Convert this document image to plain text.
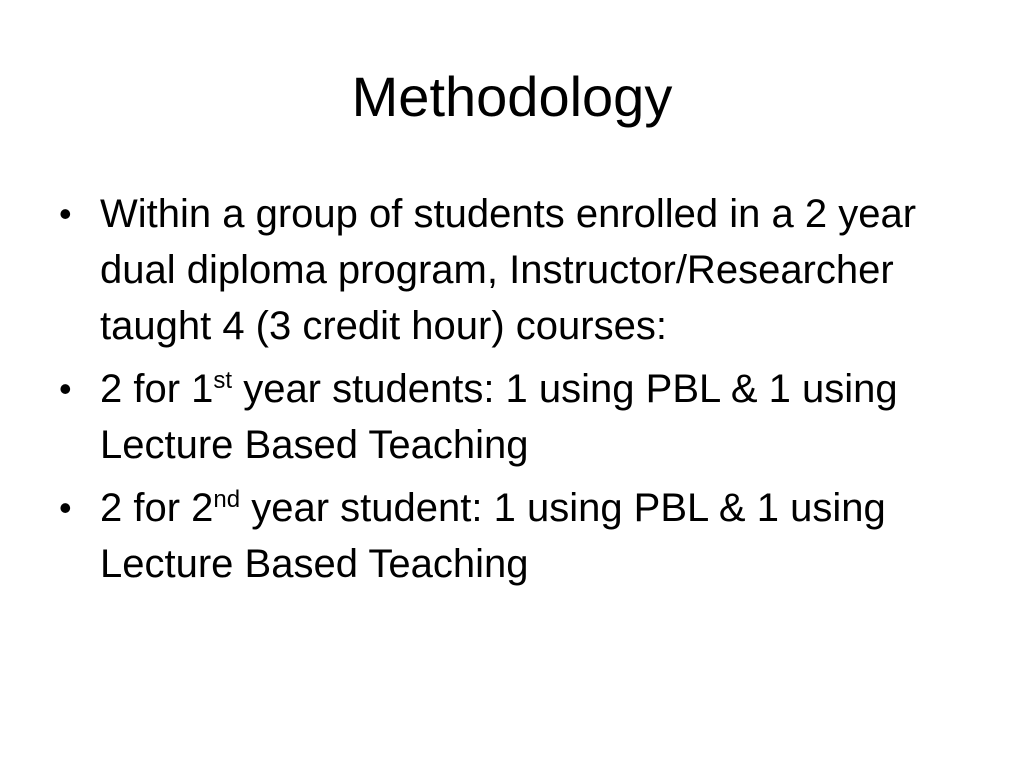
Methodology
• Within a group of students enrolled in a 2 year dual diploma program, Instructor/Researcher taught 4 (3 credit hour) courses:
• 2 for 1st year students: 1 using PBL & 1 using Lecture Based Teaching
• 2 for 2nd year student: 1 using PBL & 1 using Lecture Based Teaching
